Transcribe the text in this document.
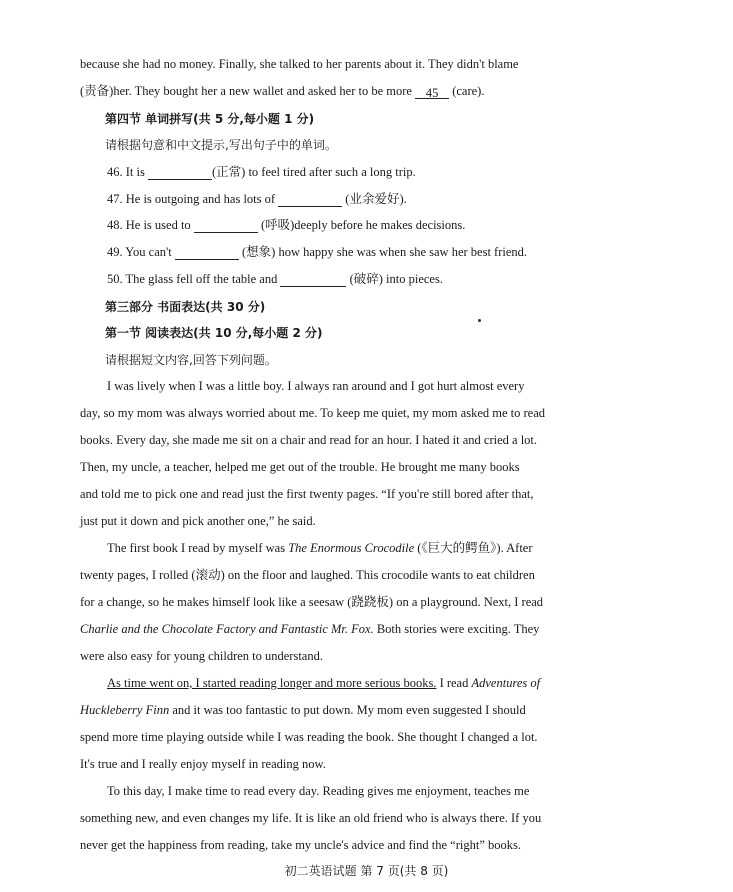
because she had no money. Finally, she talked to her parents about it. They didn't blame
(责备)her. They bought her a new wallet and asked her to be more 45 (care).
第四节 单词拼写(共 5 分,每小题 1 分)
请根据句意和中文提示,写出句子中的单词。
46. It is	(正常) to feel tired after such a long trip.
47. He is outgoing and has lots of	(业余爱好).
48. He is used to	(呼吸)deeply before he makes decisions.
49. You can't	(想象) how happy she was when she saw her best friend.
50. The glass fell off the table and	(破碎) into pieces.
第三部分 书面表达(共 30 分)
第一节 阅读表达(共 10 分,每小题 2 分)
请根据短文内容,回答下列问题。
I was lively when I was a little boy. I always ran around and I got hurt almost every
day, so my mom was always worried about me. To keep me quiet, my mom asked me to read
books. Every day, she made me sit on a chair and read for an hour. I hated it and cried a lot.
Then, my uncle, a teacher, helped me get out of the trouble. He brought me many books
and told me to pick one and read just the first twenty pages. “If you're still bored after that,
just put it down and pick another one,” he said.
The first book I read by myself was The Enormous Crocodile (《巨大的鳄鱼》). After
twenty pages, I rolled (滚动) on the floor and laughed. This crocodile wants to eat children
for a change, so he makes himself look like a seesaw (跷跷板) on a playground. Next, I read
Charlie and the Chocolate Factory and Fantastic Mr. Fox. Both stories were exciting. They
were also easy for young children to understand.
As time went on, I started reading longer and more serious books. I read Adventures of
Huckleberry Finn and it was too fantastic to put down. My mom even suggested I should
spend more time playing outside while I was reading the book. She thought I changed a lot.
It's true and I really enjoy myself in reading now.
To this day, I make time to read every day. Reading gives me enjoyment, teaches me
something new, and even changes my life. It is like an old friend who is always there. If you
never get the happiness from reading, take my uncle's advice and find the “right” books.
初二英语试题 第 7 页(共 8 页)
